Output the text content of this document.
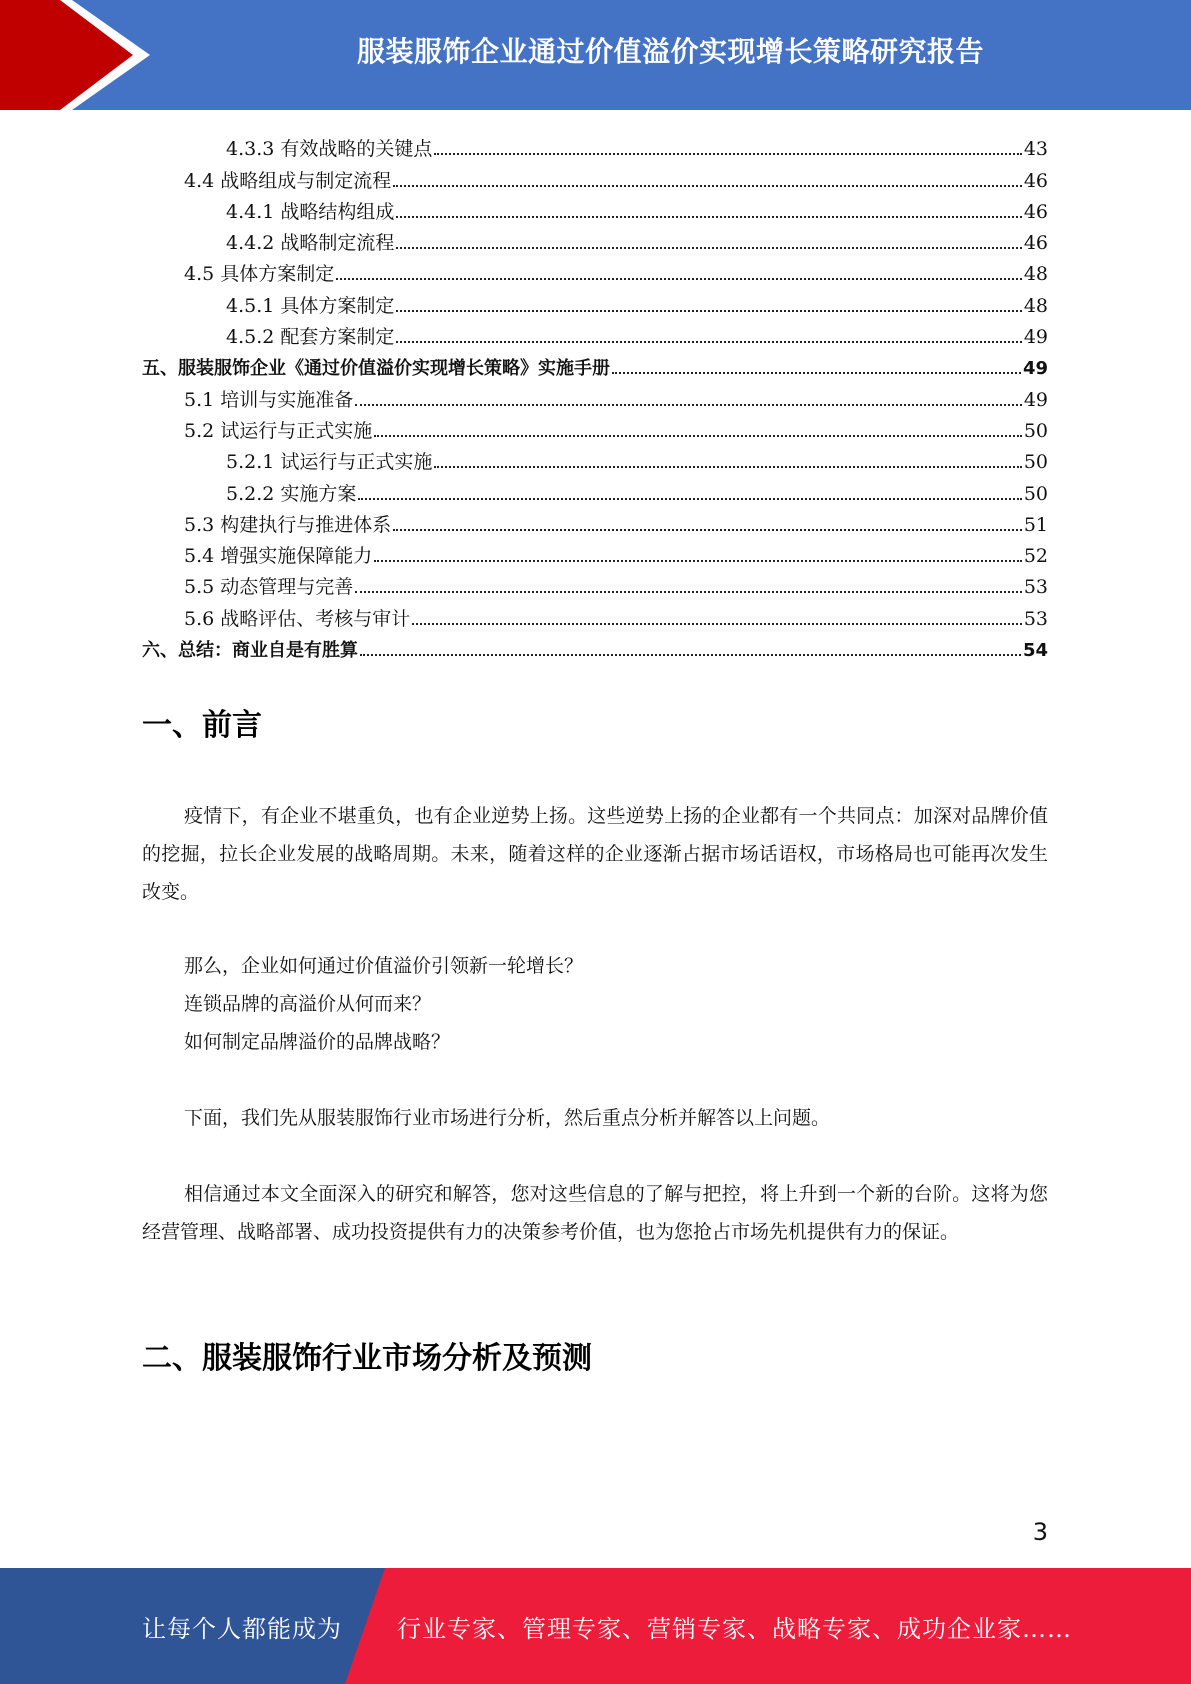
服装服饰企业通过价值溢价实现增长策略研究报告
4.3.3 有效战略的关键点	43
4.4 战略组成与制定流程	46
4.4.1 战略结构组成	46
4.4.2 战略制定流程	46
4.5 具体方案制定	48
4.5.1 具体方案制定	48
4.5.2 配套方案制定	49
五、服装服饰企业《通过价值溢价实现增长策略》实施手册	49
5.1 培训与实施准备	49
5.2 试运行与正式实施	50
5.2.1 试运行与正式实施	50
5.2.2 实施方案	50
5.3 构建执行与推进体系	51
5.4 增强实施保障能力	52
5.5 动态管理与完善	53
5.6 战略评估、考核与审计	53
六、总结：商业自是有胜算	54
一、前言
疫情下，有企业不堪重负，也有企业逆势上扬。这些逆势上扬的企业都有一个共同点：加深对品牌价值的挖掘，拉长企业发展的战略周期。未来，随着这样的企业逐渐占据市场话语权，市场格局也可能再次发生改变。
那么，企业如何通过价值溢价引领新一轮增长？
连锁品牌的高溢价从何而来？
如何制定品牌溢价的品牌战略？
下面，我们先从服装服饰行业市场进行分析，然后重点分析并解答以上问题。
相信通过本文全面深入的研究和解答，您对这些信息的了解与把控，将上升到一个新的台阶。这将为您经营管理、战略部署、成功投资提供有力的决策参考价值，也为您抢占市场先机提供有力的保证。
二、服装服饰行业市场分析及预测
3
让每个人都能成为 行业专家、管理专家、营销专家、战略专家、成功企业家……
